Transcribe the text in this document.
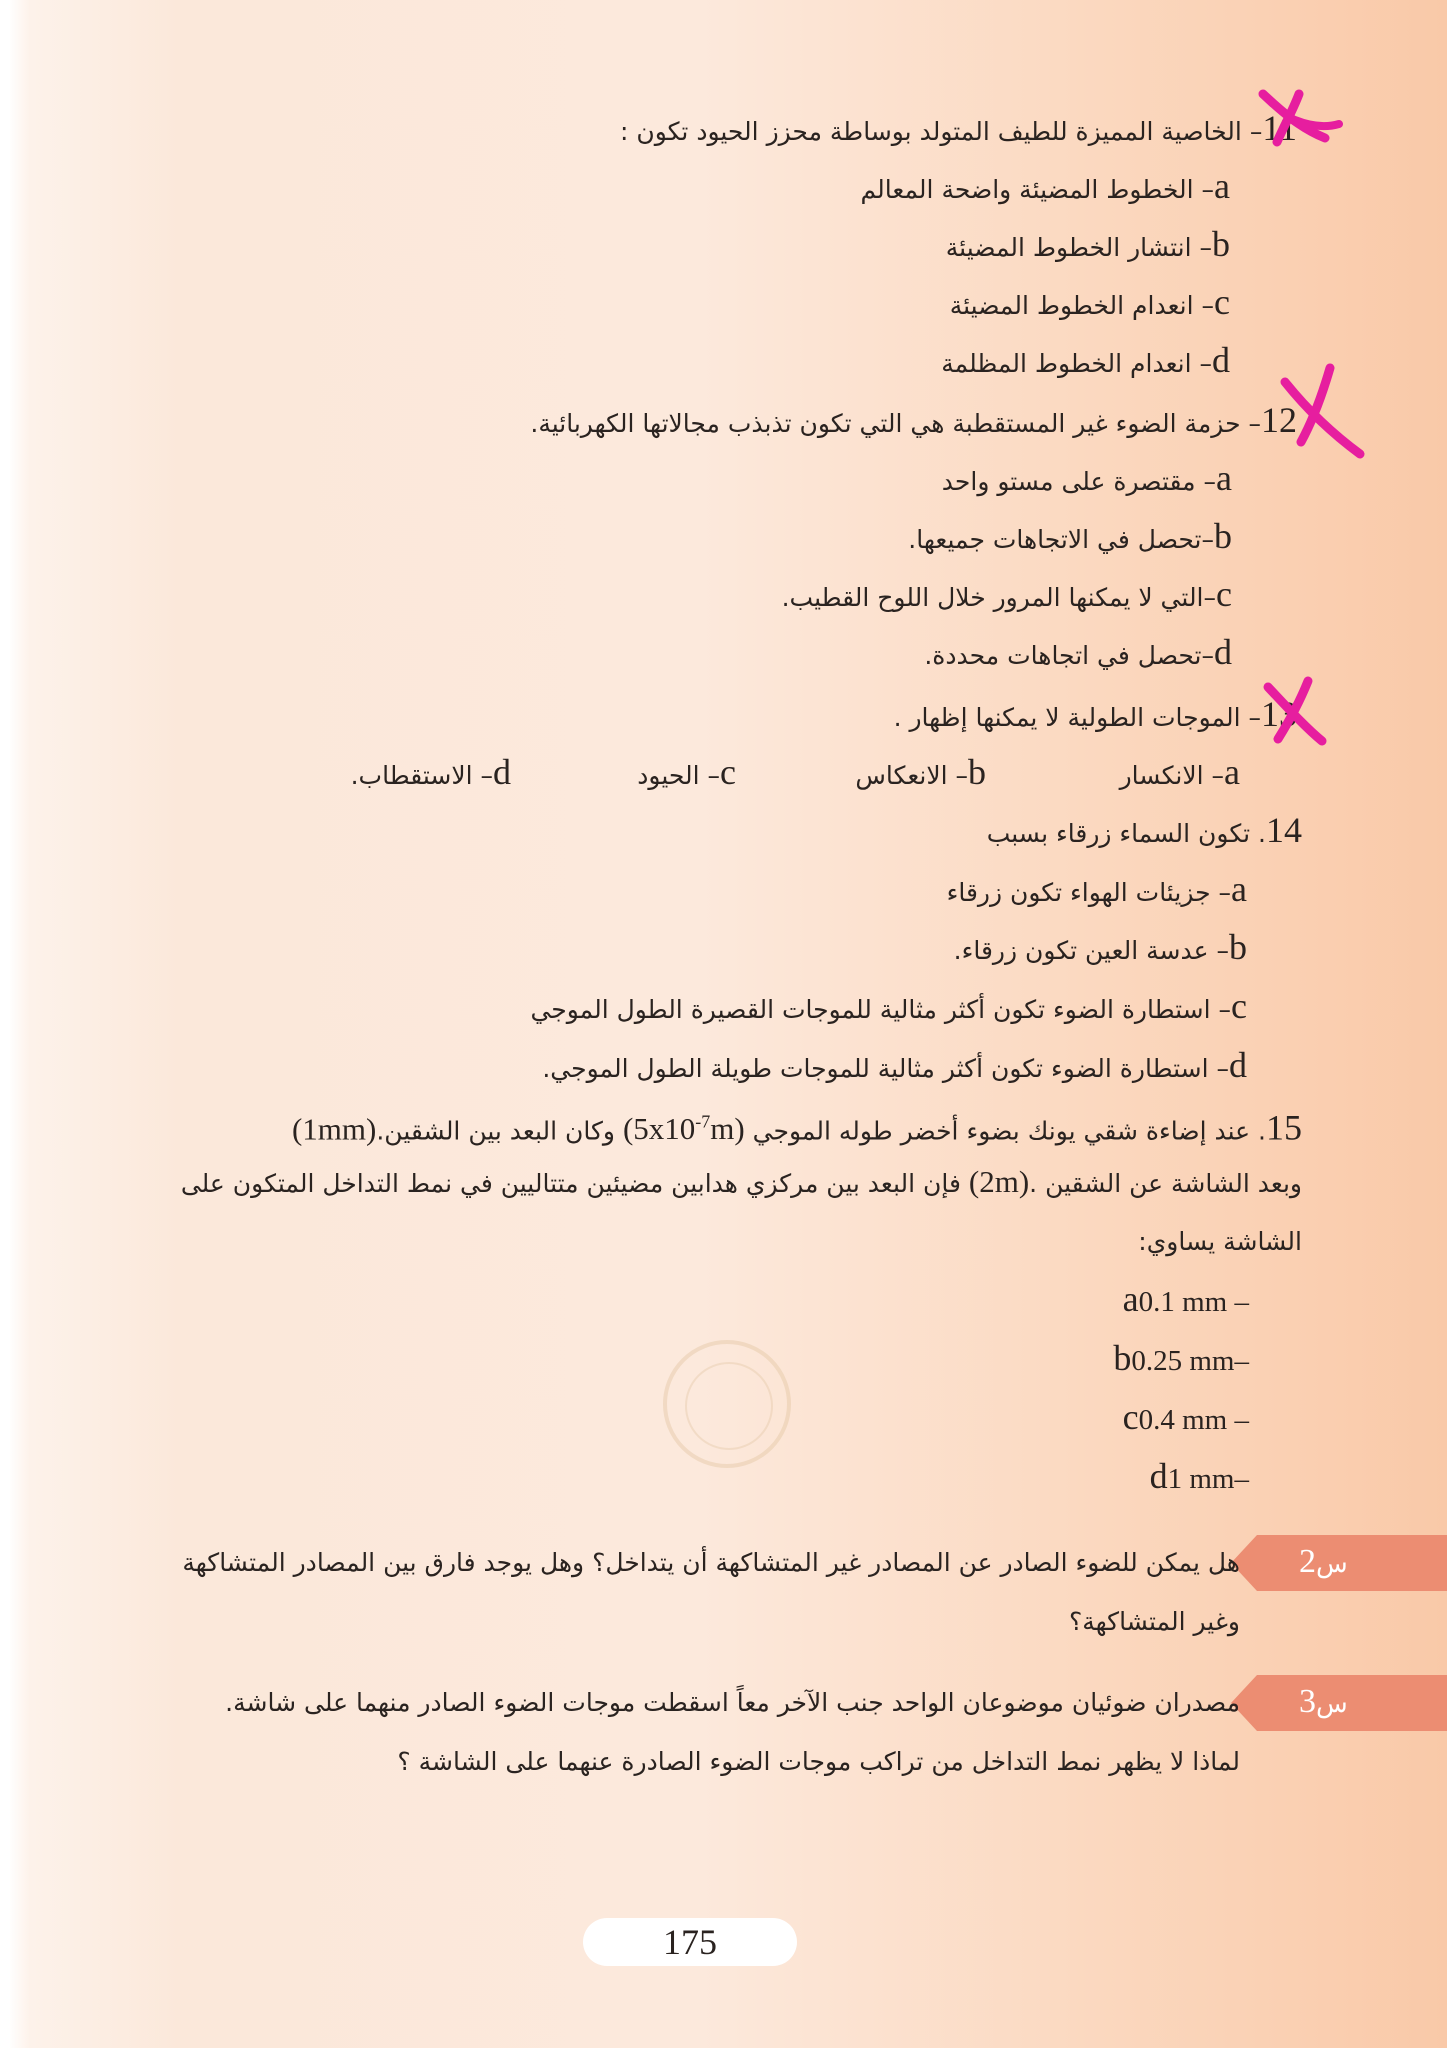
11– الخاصية المميزة للطيف المتولد بوساطة محزز الحيود تكون :
a– الخطوط المضيئة واضحة المعالم
b– انتشار الخطوط المضيئة
c– انعدام الخطوط المضيئة
d– انعدام الخطوط المظلمة
12– حزمة الضوء غير المستقطبة هي التي تكون تذبذب مجالاتها الكهربائية.
a– مقتصرة على مستو واحد
b–تحصل في الاتجاهات جميعها.
c–التي لا يمكنها المرور خلال اللوح القطيب.
d–تحصل في اتجاهات محددة.
13– الموجات الطولية لا يمكنها إظهار .
a– الانكسار
b– الانعكاس
c– الحيود
d– الاستقطاب.
14. تكون السماء زرقاء بسبب
a– جزيئات الهواء تكون زرقاء
b– عدسة العين تكون زرقاء.
c– استطارة الضوء تكون أكثر مثالية للموجات القصيرة الطول الموجي
d– استطارة الضوء تكون أكثر مثالية للموجات طويلة الطول الموجي.
15. عند إضاءة شقي يونك بضوء أخضر طوله الموجي $(5x10^{-7}m)$ وكان البعد بين الشقين.(1mm)
وبعد الشاشة عن الشقين .(2m) فإن البعد بين مركزي هدابين مضيئين متتاليين في نمط التداخل المتكون على
الشاشة يساوي:
a0.1 mm –
b0.25 mm–
c0.4 mm –
d1 mm–
س2
هل يمكن للضوء الصادر عن المصادر غير المتشاكهة أن يتداخل؟ وهل يوجد فارق بين المصادر المتشاكهة
وغير المتشاكهة؟
س3
مصدران ضوئيان موضوعان الواحد جنب الآخر معاً اسقطت موجات الضوء الصادر منهما على شاشة.
لماذا لا يظهر نمط التداخل من تراكب موجات الضوء الصادرة عنهما على الشاشة ؟
175
